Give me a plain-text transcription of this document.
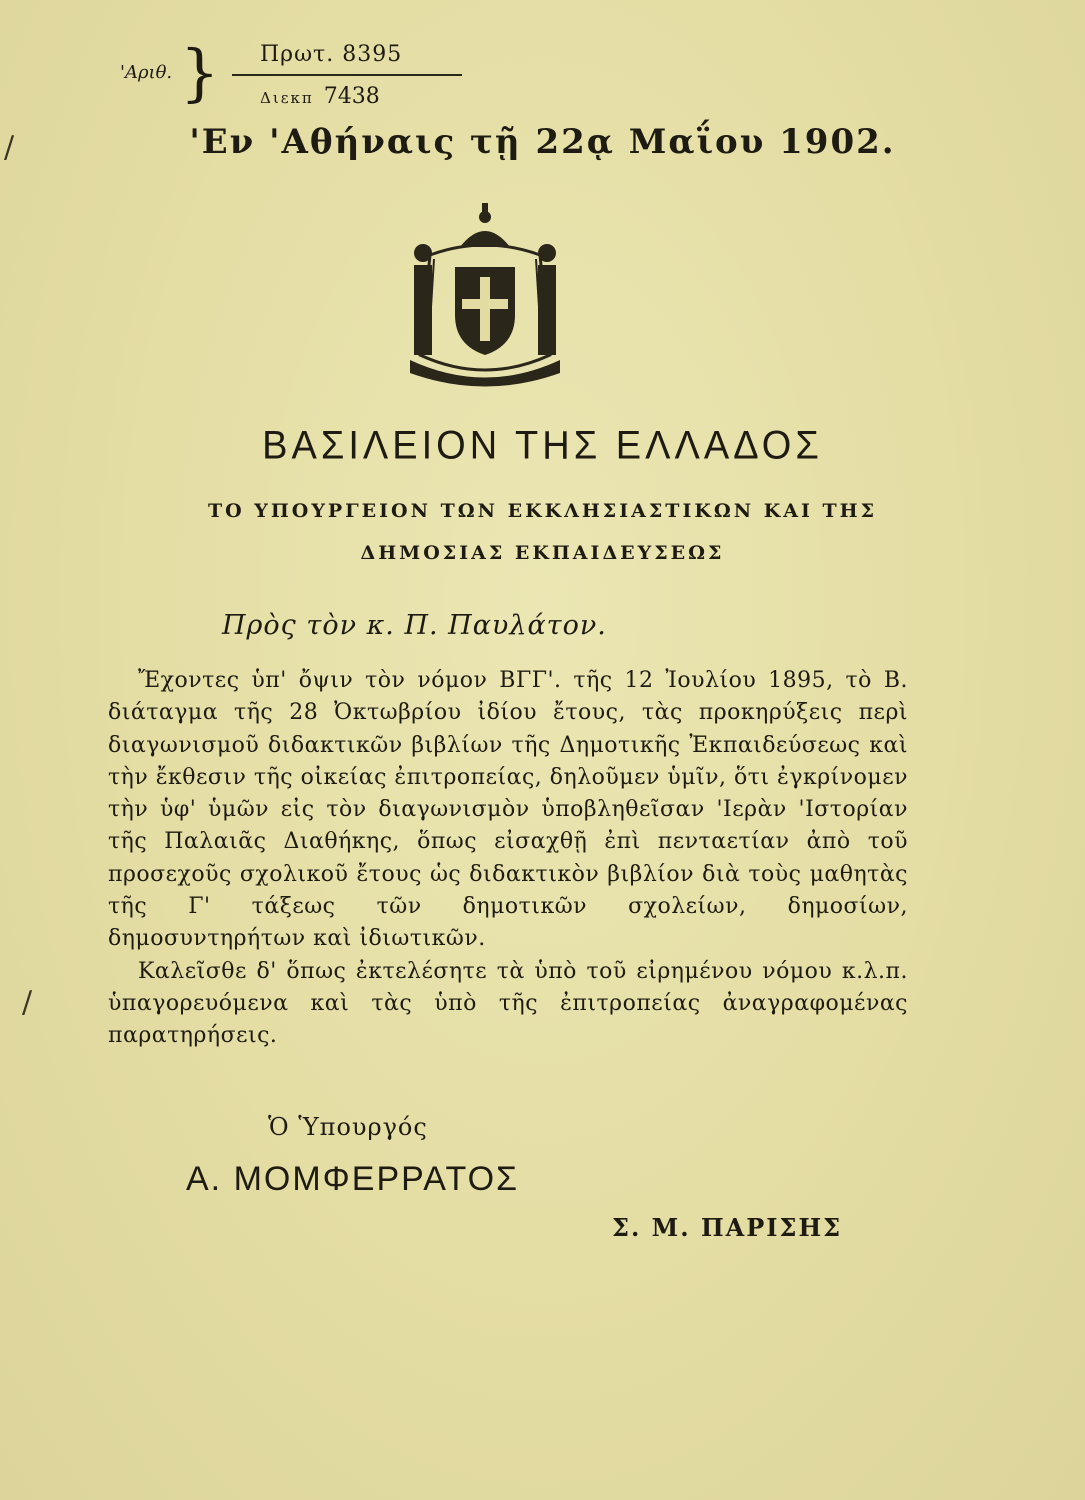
'Αριθ. } Πρωτ. 8395
Διεκπ 7438
'Εν 'Αθήναις τῇ 22ᾳ Μαΐου 1902.
ΒΑΣΙΛΕΙΟΝ ΤΗΣ ΕΛΛΑΔΟΣ
ΤΟ ΥΠΟΥΡΓΕΙΟΝ ΤΩΝ ΕΚΚΛΗΣΙΑΣΤΙΚΩΝ ΚΑΙ ΤΗΣ
ΔΗΜΟΣΙΑΣ ΕΚΠΑΙΔΕΥΣΕΩΣ
Πρὸς τὸν κ. Π. Παυλάτον.

Ἔχοντες ὑπ' ὄψιν τὸν νόμον ΒΓΓ'. τῆς 12 Ἰουλίου 1895, τὸ Β. διάταγμα τῆς 28 Ὀκτωβρίου ἰδίου ἔτους, τὰς προκηρύξεις περὶ διαγωνισμοῦ διδακτικῶν βιβλίων τῆς Δημοτικῆς Ἐκπαιδεύσεως καὶ τὴν ἔκθεσιν τῆς οἰκείας ἐπιτροπείας, δηλοῦμεν ὑμῖν, ὅτι ἐγκρίνομεν τὴν ὑφ' ὑμῶν εἰς τὸν διαγωνισμὸν ὑποβληθεῖσαν 'Ιερὰν 'Ιστορίαν τῆς Παλαιᾶς Διαθήκης, ὅπως εἰσαχθῇ ἐπὶ πενταετίαν ἀπὸ τοῦ προσεχοῦς σχολικοῦ ἔτους ὡς διδακτικὸν βιβλίον διὰ τοὺς μαθητὰς τῆς Γ' τάξεως τῶν δημοτικῶν σχολείων, δημοσίων, δημοσυντηρήτων καὶ ἰδιωτικῶν.

Καλεῖσθε δ' ὅπως ἐκτελέσητε τὰ ὑπὸ τοῦ εἰρημένου νόμου κ.λ.π. ὑπαγορευόμενα καὶ τὰς ὑπὸ τῆς ἐπιτροπείας ἀναγραφομένας παρατηρήσεις.

Ὁ Ὑπουργός
Α. ΜΟΜΦΕΡΡΑΤΟΣ
Σ. Μ. ΠΑΡΙΣΗΣ
/
/
